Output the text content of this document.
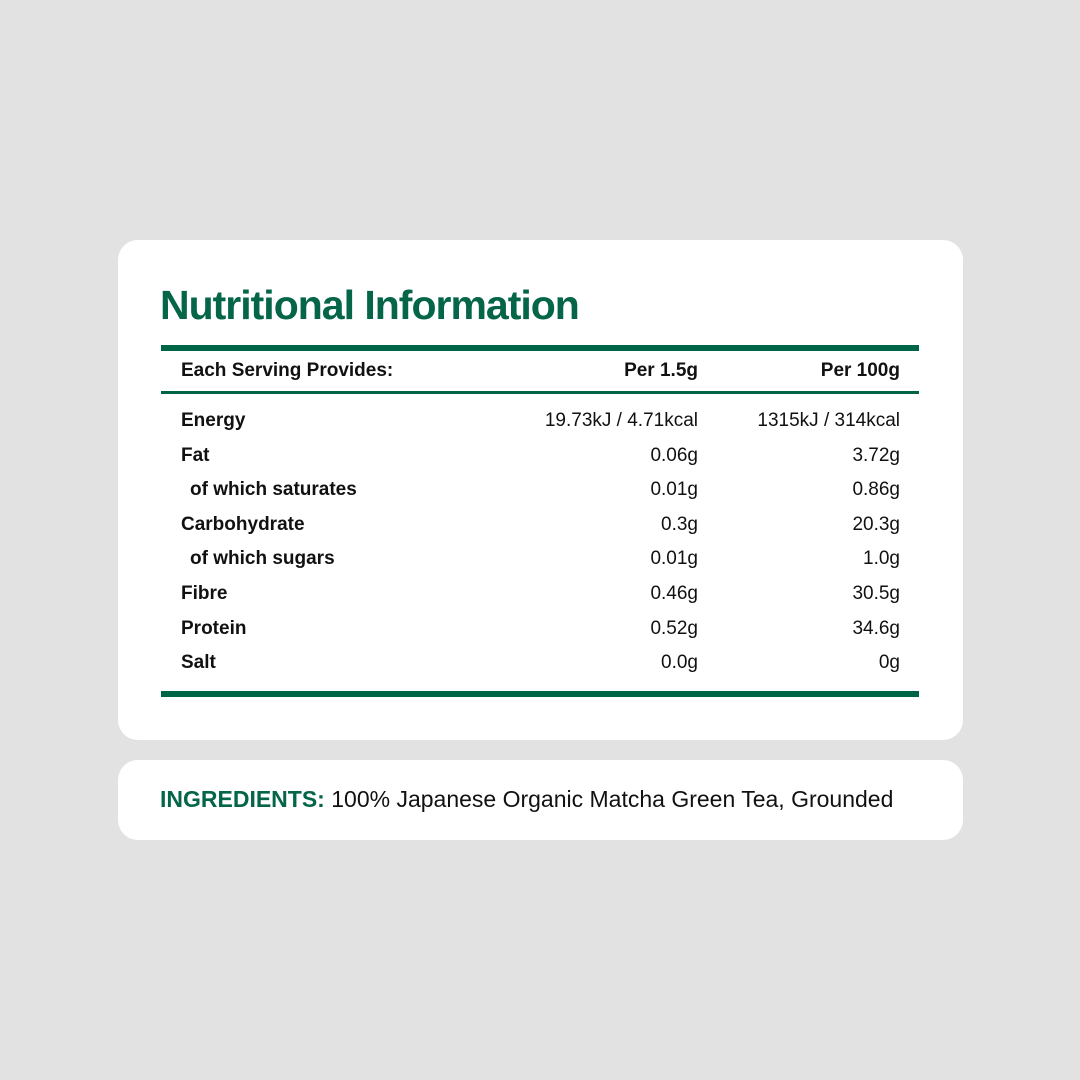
Nutritional Information
Each Serving Provides:	Per 1.5g	Per 100g
Energy	19.73kJ / 4.71kcal	1315kJ / 314kcal
Fat	0.06g	3.72g
of which saturates	0.01g	0.86g
Carbohydrate	0.3g	20.3g
of which sugars	0.01g	1.0g
Fibre	0.46g	30.5g
Protein	0.52g	34.6g
Salt	0.0g	0g
INGREDIENTS: 100% Japanese Organic Matcha Green Tea, Grounded
